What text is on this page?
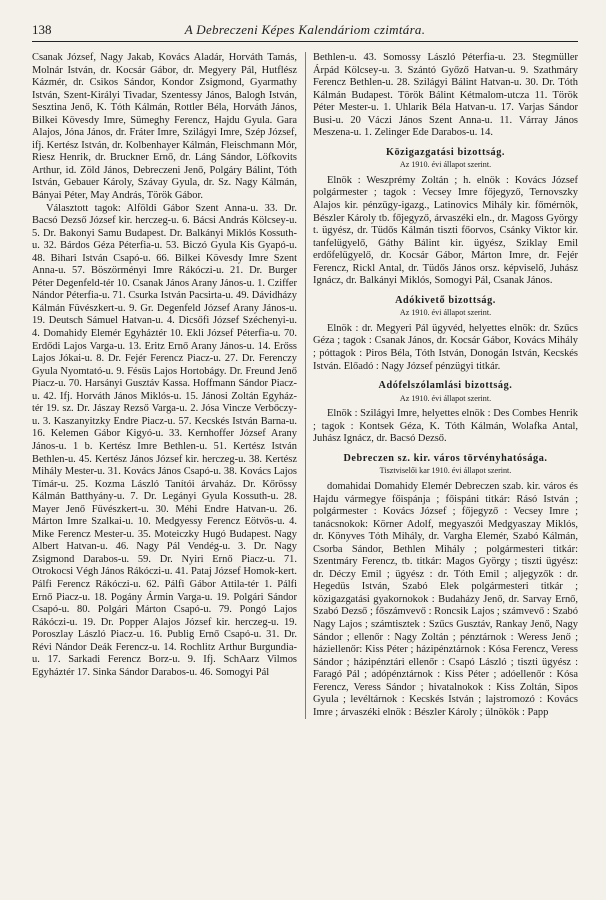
138	A Debreczeni Képes Kalendáriom czimtára.

Csanak József, Nagy Jakab, Kovács Aladár, Horváth Tamás, Molnár István, dr. Kocsár Gábor, dr. Megyery Pál, Hutflész Kázmér, dr. Csikos Sándor, Kondor Zsigmond, Gyarmathy István, Szent-Királyi Tivadar, Szentessy János, Balogh István, Sesztina Jenő, K. Tóth Kálmán, Rottler Béla, Horváth János, Bilkei Kövesdy Imre, Sümeghy Ferencz, Hajdu Gyula. Gara Alajos, Jóna János, dr. Fráter Imre, Szilágyi Imre, Szép József, ifj. Kertész István, dr. Kolbenhayer Kálmán, Fleischmann Mór, Riesz Henrik, dr. Bruckner Ernő, dr. Láng Sándor, Löfkovits Arthur, id. Zöld János, Debreczeni Jenő, Polgáry Bálint, Tóth István, Gebauer Károly, Szávay Gyula, dr. Sz. Nagy Kálmán, Bányai Péter, May András, Török Gábor.

Választott tagok: Alföldi Gábor Szent Anna-u. 33. Dr. Bacsó Dezső József kir. herczeg-u. 6. Bácsi András Kölcsey-u. 5. Dr. Bakonyi Samu Budapest. Dr. Balkányi Miklós Kossuth-u. 32. Bárdos Géza Péterfia-u. 53. Biczó Gyula Kis Gyapó-u. 48. Bihari István Csapó-u. 66. Bilkei Kövesdy Imre Szent Anna-u. 57. Böszörményi Imre Rákóczi-u. 21. Dr. Burger Péter Degenfeld-tér 10. Csanak János Arany János-u. 1. Cziffer Nándor Péterfia-u. 71. Csurka István Pacsirta-u. 49. Dávidházy Kálmán Füvészkert-u. 9. Gr. Degenfeld József Arany János-u. 19. Deutsch Sámuel Hatvan-u. 4. Dicsőfi József Széchenyi-u. 4. Domahidy Elemér Egyháztér 10. Ekli József Péterfia-u. 70. Erdődi Lajos Varga-u. 13. Eritz Ernő Arany János-u. 14. Erőss Lajos Jókai-u. 8. Dr. Fejér Ferencz Piacz-u. 27. Dr. Ferenczy Gyula Nyomtató-u. 9. Fésüs Lajos Hortobágy. Dr. Freund Jenő Piacz-u. 70. Harsányi Gusztáv Kassa. Hoffmann Sándor Piacz-u. 42. Ifj. Horváth János Miklós-u. 15. Jánosi Zoltán Egyház-tér 19. sz. Dr. Jászay Rezső Varga-u. 2. Jósa Vincze Verbőczy-u. 3. Kaszanyitzky Endre Piacz-u. 57. Kecskés István Barna-u. 16. Kelemen Gábor Kigyó-u. 33. Kernhoffer József Arany János-u. 1 b. Kertész Imre Bethlen-u. 51. Kertész István Bethlen-u. 45. Kertész János József kir. herczeg-u. 38. Kertész Mihály Mester-u. 31. Kovács János Csapó-u. 38. Kovács Lajos Tímár-u. 25. Kozma László Tanítói árvaház. Dr. Kőrössy Kálmán Batthyány-u. 7. Dr. Legányi Gyula Kossuth-u. 28. Mayer Jenő Füvészkert-u. 30. Méhi Endre Hatvan-u. 26. Márton Imre Szalkai-u. 10. Medgyessy Ferencz Eötvös-u. 4. Mike Ferencz Mester-u. 35. Moteiczky Hugó Budapest. Nagy Albert Hatvan-u. 46. Nagy Pál Vendég-u. 3. Dr. Nagy Zsigmond Darabos-u. 59. Dr. Nyiri Ernő Piacz-u. 71. Otrokocsi Végh János Rákóczi-u. 41. Pataj József Homok-kert. Pálfi Ferencz Rákóczi-u. 62. Pálfi Gábor Attila-tér 1. Pálfi Ernő Piacz-u. 18. Pogány Ármin Varga-u. 19. Polgári Sándor Csapó-u. 80. Polgári Márton Csapó-u. 79. Pongó Lajos Rákóczi-u. 19. Dr. Popper Alajos József kir. herczeg-u. 19. Poroszlay László Piacz-u. 16. Publig Ernő Csapó-u. 31. Dr. Révi Nándor Deák Ferencz-u. 14. Rochlitz Arthur Burgundia-u. 17. Sarkadi Ferencz Borz-u. 9. Ifj. SchAarz Vilmos Egyháztér 17. Sinka Sándor Darabos-u. 46. Somogyi Pál

Bethlen-u. 43. Somossy László Péterfia-u. 23. Stegmüller Árpád Kölcsey-u. 3. Szántó Győző Hatvan-u. 9. Szathmáry Ferencz Bethlen-u. 28. Szilágyi Bálint Hatvan-u. 30. Dr. Tóth Kálmán Budapest. Török Bálint Kétmalom-utcza 11. Török Péter Mester-u. 1. Uhlarik Béla Hatvan-u. 17. Varjas Sándor Busi-u. 20 Váczi János Szent Anna-u. 11. Várray János Meszena-u. 1. Zelinger Ede Darabos-u. 14.

Közigazgatási bizottság.
Az 1910. évi állapot szerint.

Elnök : Weszprémy Zoltán ; h. elnök : Kovács József polgármester ; tagok : Vecsey Imre főjegyző, Ternovszky Alajos kir. pénzügy-igazg., Latinovics Mihály kir. főmérnök, Bészler Károly tb. főjegyző, árvaszéki eln., dr. Magoss György t. ügyész, dr. Tüdős Kálmán tiszti főorvos, Csánky Viktor kir. tanfelügyelő, Gáthy Bálint kir. ügyész, Sziklay Emil erdőfelügyelő, dr. Kocsár Gábor, Márton Imre, dr. Fejér Ferencz, Rickl Antal, dr. Tüdős János orsz. képviselő, Juhász Ignácz, dr. Balkányi Miklós, Somogyi Pál, Csanak János.

Adókivető bizottság.
Az 1910. évi állapot szerint.

Elnök : dr. Megyeri Pál ügyvéd, helyettes elnök: dr. Szűcs Géza ; tagok : Csanak János, dr. Kocsár Gábor, Kovács Mihály ; póttagok : Piros Béla, Tóth István, Donogán István, Kecskés István. Előadó : Nagy József pénzügyi titkár.

Adófelszólamlási bizottság.
Az 1910. évi állapot szerint.

Elnök : Szilágyi Imre, helyettes elnök : Des Combes Henrik ; tagok : Kontsek Géza, K. Tóth Kálmán, Wolafka Antal, Juhász Ignácz, dr. Bacsó Dezső.

Debreczen sz. kir. város törvényhatósága.
Tisztviselői kar 1910. évi állapot szerint.

domahidai Domahidy Elemér Debreczen szab. kir. város és Hajdu vármegye főispánja ; főispáni titkár: Rásó István ; polgármester : Kovács József ; főjegyző : Vecsey Imre ; tanácsnokok: Körner Adolf, megyaszói Medgyaszay Miklós, dr. Könyves Tóth Mihály, dr. Vargha Elemér, Szabó Kálmán, Csorba Sándor, Bethlen Mihály ; polgármesteri titkár: Szentmáry Ferencz, tb. titkár: Magos György ; tiszti ügyész: dr. Déczy Emil ; ügyész : dr. Tóth Emil ; aljegyzők : dr. Hegedüs István, Szabó Elek polgármesteri titkár ; közigazgatási gyakornokok : Budaházy Jenő, dr. Sarvay Ernő, Szabó Dezső ; főszámvevő : Roncsik Lajos ; számvevő : Szabó Nagy Lajos ; számtisztek : Szűcs Gusztáv, Rankay Jenő, Nagy Sándor ; ellenőr : Nagy Zoltán ; pénztárnok : Weress Jenő ; háziellenőr: Kiss Péter ; házipénztárnok : Kósa Ferencz, Veress Sándor ; házipénztári ellenőr : Csapó László ; tiszti ügyész : Faragó Pál ; adópénztárnok : Kiss Péter ; adóellenőr : Kósa Ferencz, Veress Sándor ; hivatalnokok : Kiss Zoltán, Sipos Gyula ; levéltárnok : Kecskés István ; lajstromozó : Kovács Imre ; árvaszéki elnök : Bészler Károly ; ülnökök : Papp
